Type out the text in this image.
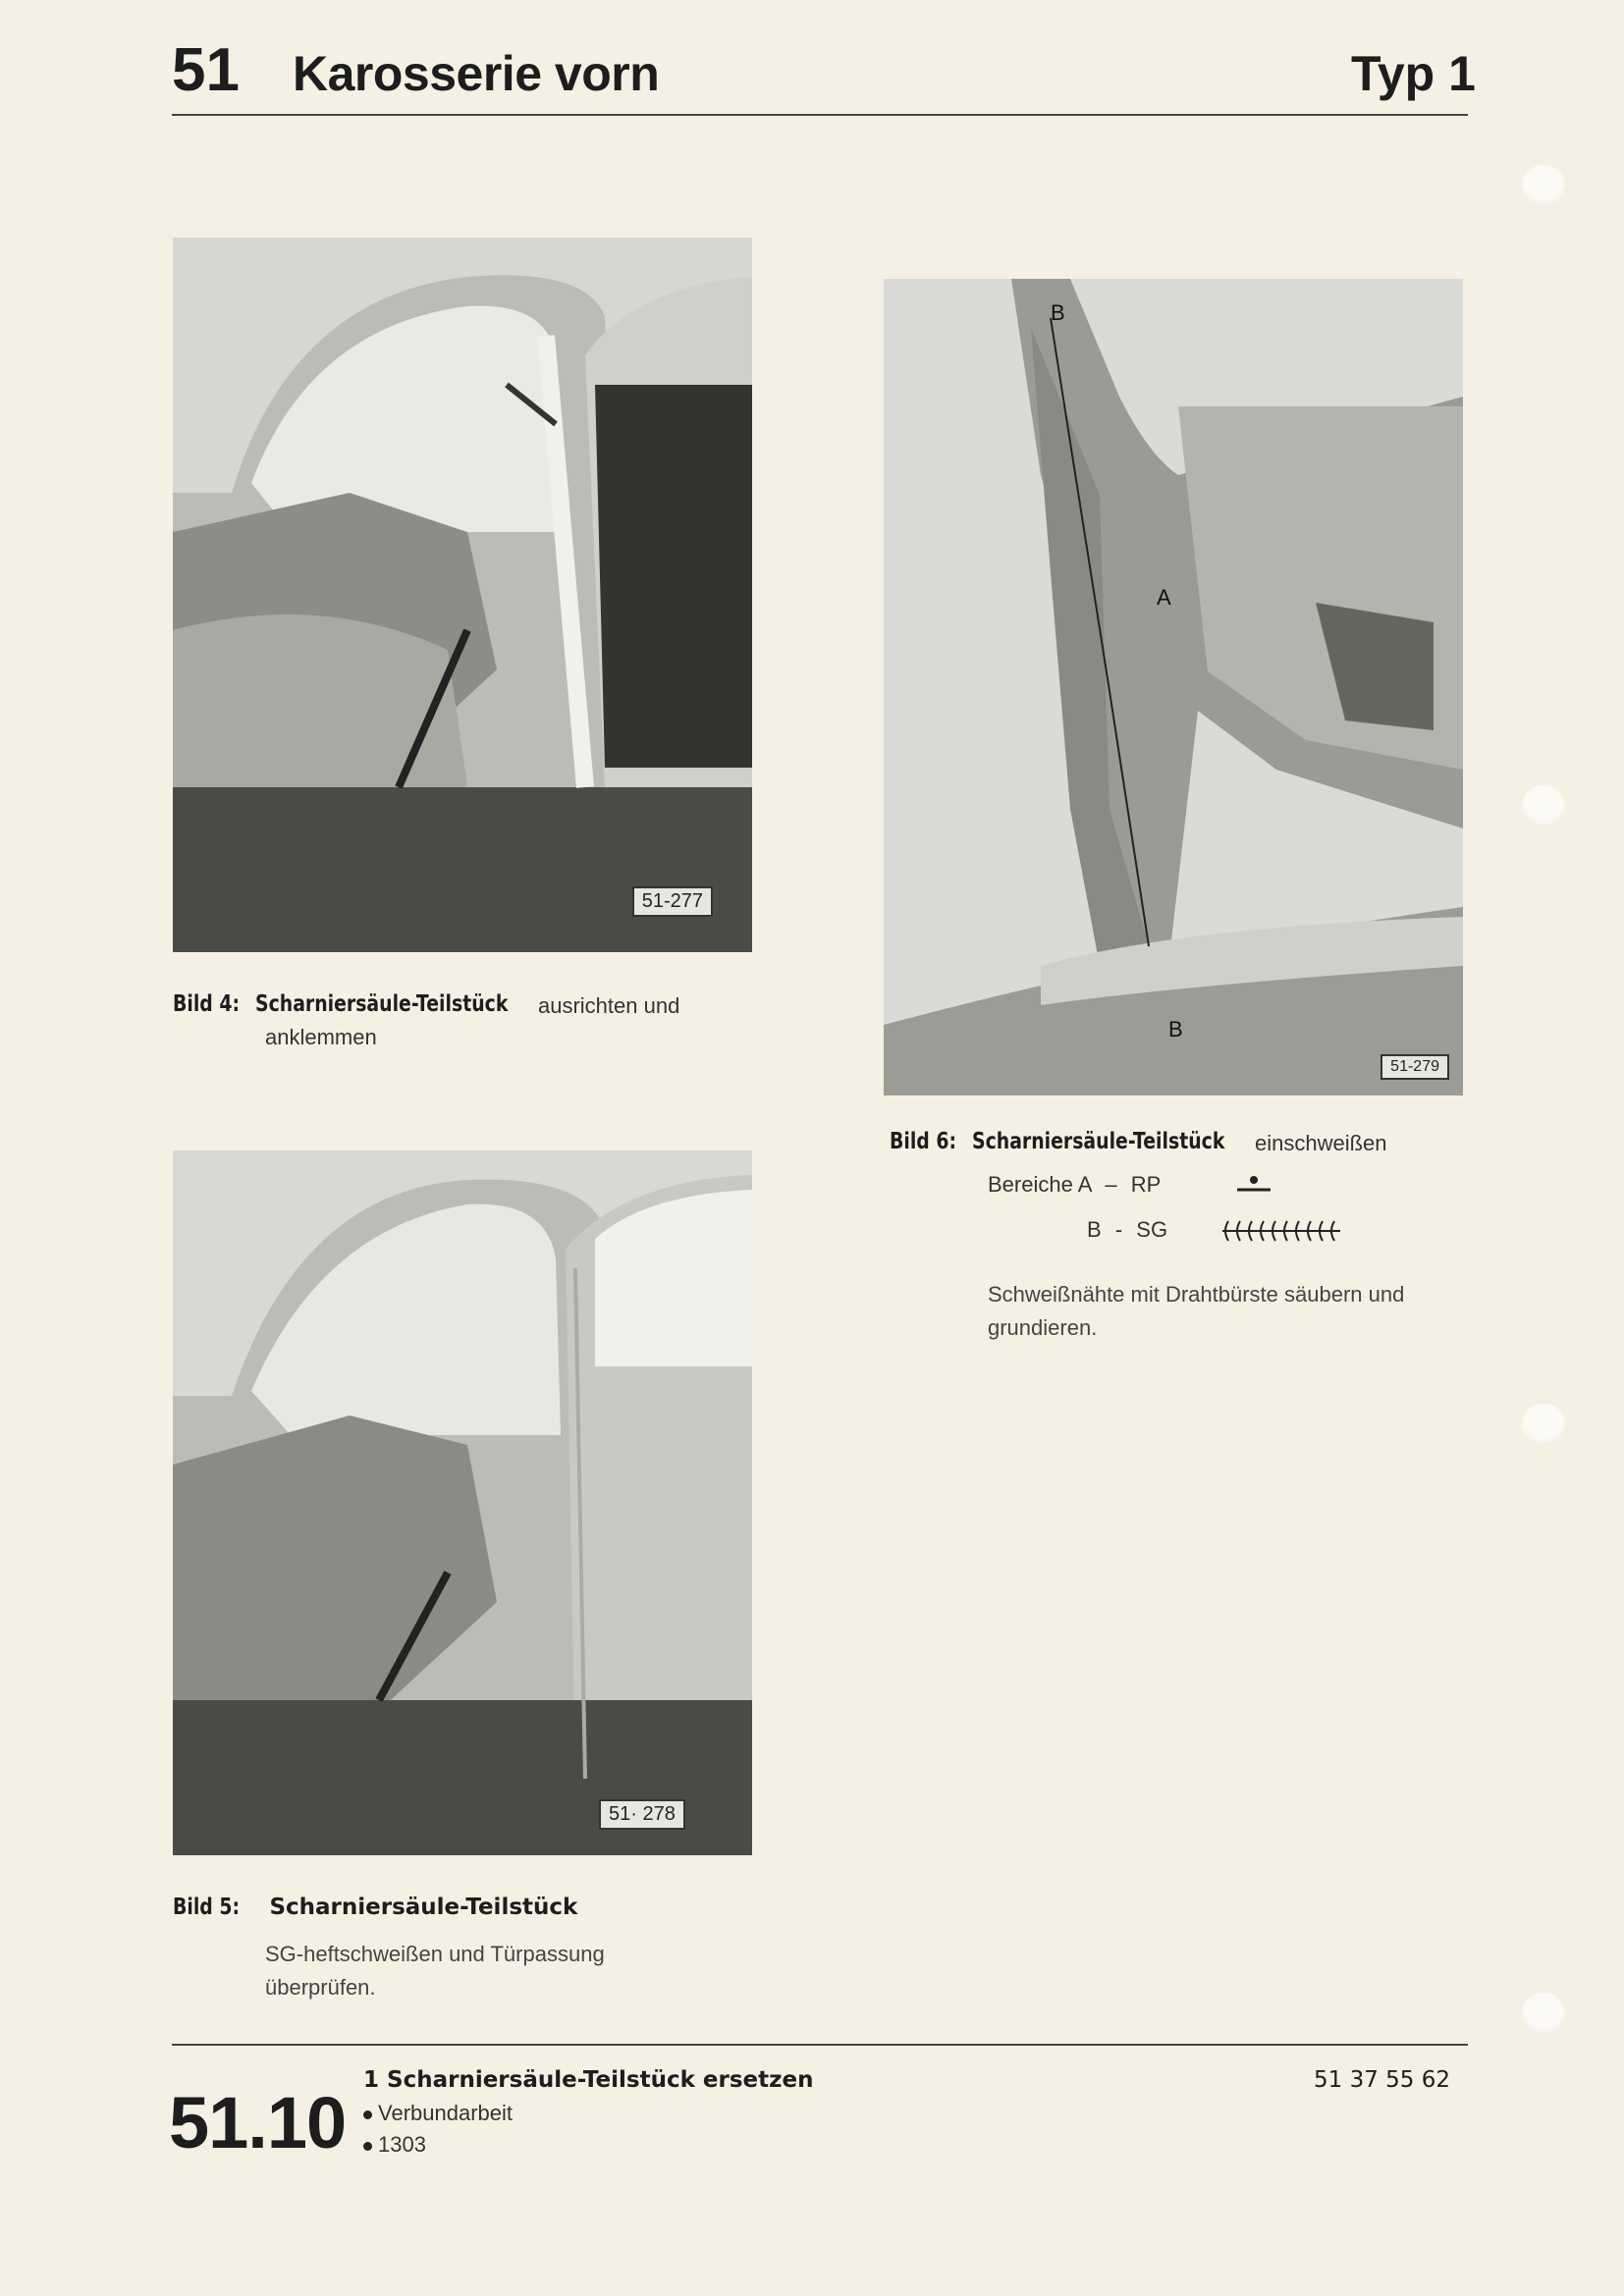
51 Karosserie vorn	Typ 1
51-277
Bild 4: Scharniersäule-Teilstück ausrichten und
anklemmen
B
A
B
51-279
Bild 6: Scharniersäule-Teilstück einschweißen
Bereiche A – RP
B - SG
Schweißnähte mit Drahtbürste säubern und
grundieren.
51· 278
Bild 5: Scharniersäule-Teilstück
SG-heftschweißen und Türpassung
überprüfen.
51.10
1 Scharniersäule-Teilstück ersetzen
Verbundarbeit
1303
51 37 55 62
